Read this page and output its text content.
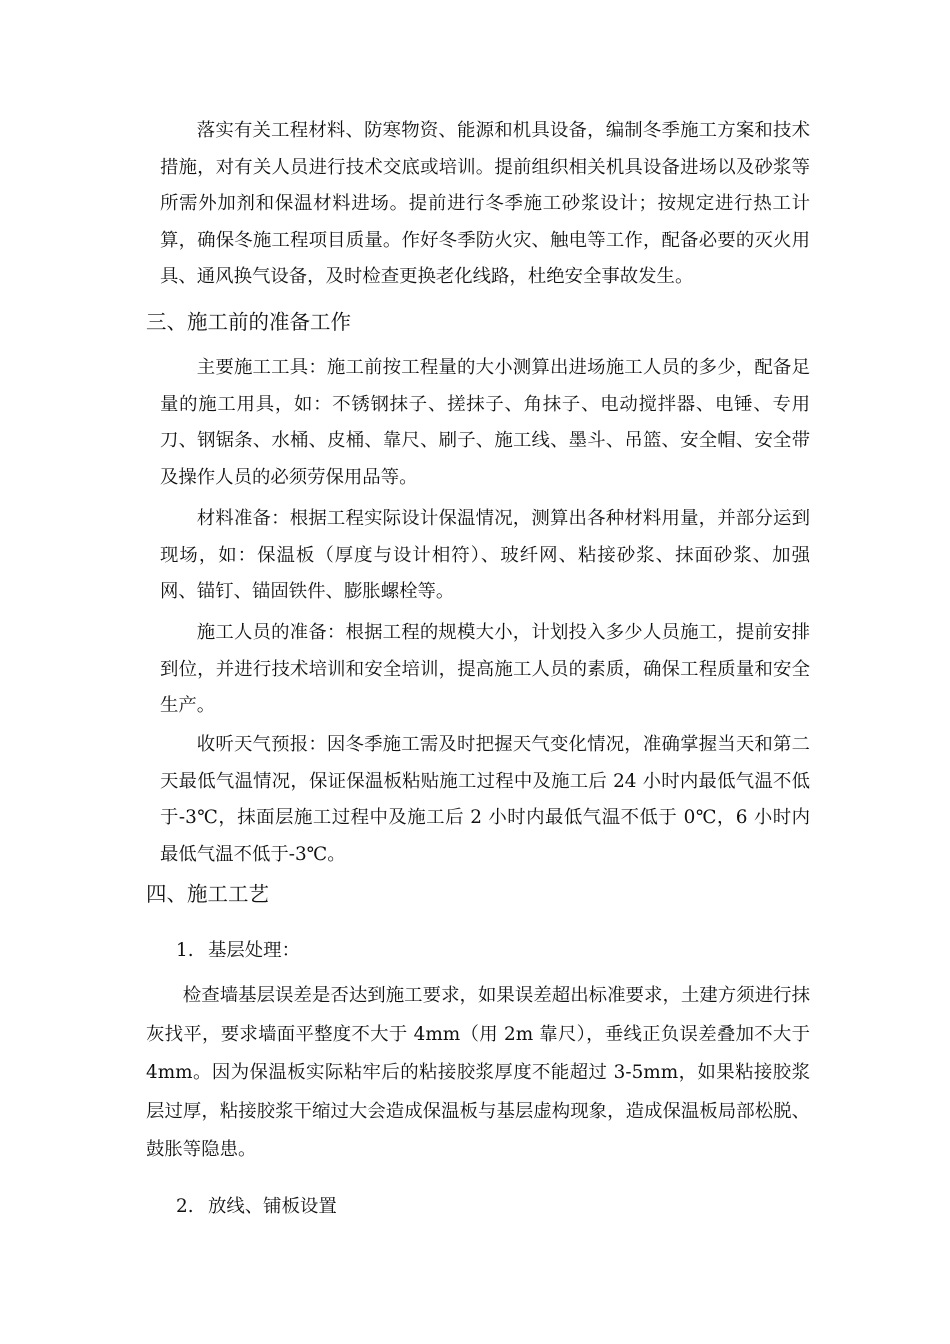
落实有关工程材料、防寒物资、能源和机具设备，编制冬季施工方案和技术措施，对有关人员进行技术交底或培训。提前组织相关机具设备进场以及砂浆等所需外加剂和保温材料进场。提前进行冬季施工砂浆设计；按规定进行热工计算，确保冬施工程项目质量。作好冬季防火灾、触电等工作，配备必要的灭火用具、通风换气设备，及时检查更换老化线路，杜绝安全事故发生。

三、施工前的准备工作

主要施工工具：施工前按工程量的大小测算出进场施工人员的多少，配备足量的施工用具，如：不锈钢抹子、搓抹子、角抹子、电动搅拌器、电锤、专用刀、钢锯条、水桶、皮桶、靠尺、刷子、施工线、墨斗、吊篮、安全帽、安全带及操作人员的必须劳保用品等。

材料准备：根据工程实际设计保温情况，测算出各种材料用量，并部分运到现场，如：保温板（厚度与设计相符）、玻纤网、粘接砂浆、抹面砂浆、加强网、锚钉、锚固铁件、膨胀螺栓等。

施工人员的准备：根据工程的规模大小，计划投入多少人员施工，提前安排到位，并进行技术培训和安全培训，提高施工人员的素质，确保工程质量和安全生产。

收听天气预报：因冬季施工需及时把握天气变化情况，准确掌握当天和第二天最低气温情况，保证保温板粘贴施工过程中及施工后 24 小时内最低气温不低于-3℃，抹面层施工过程中及施工后 2 小时内最低气温不低于 0℃，6 小时内最低气温不低于-3℃。

四、施工工艺
1. 基层处理：

检查墙基层误差是否达到施工要求，如果误差超出标准要求，土建方须进行抹灰找平，要求墙面平整度不大于 4mm（用 2m 靠尺），垂线正负误差叠加不大于 4mm。因为保温板实际粘牢后的粘接胶浆厚度不能超过 3-5mm，如果粘接胶浆层过厚，粘接胶浆干缩过大会造成保温板与基层虚构现象，造成保温板局部松脱、鼓胀等隐患。

2. 放线、铺板设置
